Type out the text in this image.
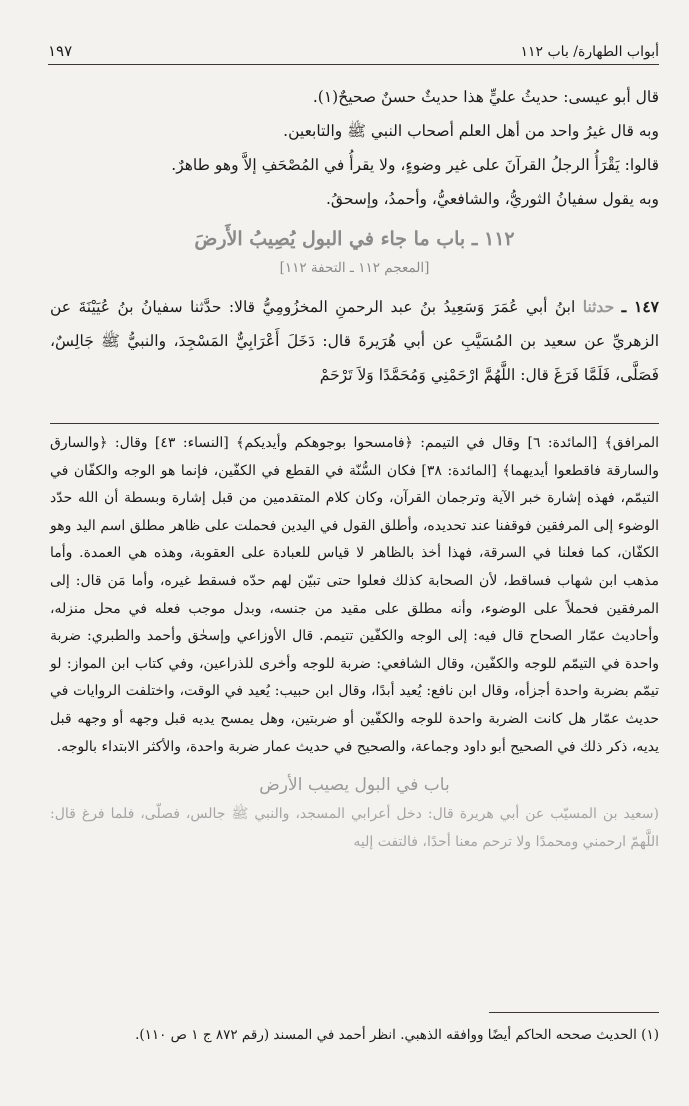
أبواب الطهارة/ باب ١١٢
١٩٧

قال أبو عيسى: حديثُ عليٍّ هذا حديثٌ حسنٌ صحيحٌ(١).

وبه قال غيرُ واحد من أهل العلم أصحاب النبي ﷺ والتابعين.

قالوا: يَقْرَأُ الرجلُ القرآنَ على غير وضوءٍ، ولا يقرأُ في المُصْحَفِ إلاَّ وهو طاهرٌ.

وبه يقول سفيانُ الثوريُّ، والشافعيُّ، وأحمدُ، وإسحقُ.

١١٢ ـ باب ما جاء في البول يُصِيبُ الأَرضَ
[المعجم ١١٢ ـ التحفة ١١٢]

١٤٧ ـ حدثنا ابنُ أبي عُمَرَ وَسَعِيدُ بنُ عبد الرحمنِ المخزُومِيُّ قالا: حدَّثنا سفيانُ بنُ عُيَيْنَةَ عن الزهريِّ عن سعيد بن المُسَيَّبِ عن أبي هُرَيرةَ قال: دَخَلَ أَعْرَابِيٌّ المَسْجِدَ، والنبيُّ ﷺ جَالِسٌ، فَصَلَّى، فَلَمَّا فَرَغَ قال: اللَّهُمَّ ارْحَمْنِي وَمُحَمَّدًا وَلاَ تَرْحَمْ

المرافق﴾ [المائدة: ٦] وقال في التيمم: ﴿فامسحوا بوجوهكم وأيديكم﴾ [النساء: ٤٣] وقال: ﴿والسارق والسارقة فاقطعوا أيديهما﴾ [المائدة: ٣٨] فكان السُّنّة في القطع في الكفّين، فإنما هو الوجه والكفّان في التيمّم، فهذه إشارة خبر الآية وترجمان القرآن، وكان كلام المتقدمين من قبل إشارة وبسطة أن الله حدّد الوضوء إلى المرفقين فوقفنا عند تحديده، وأطلق القول في اليدين فحملت على ظاهر مطلق اسم اليد وهو الكفّان، كما فعلنا في السرقة، فهذا أخذ بالظاهر لا قياس للعبادة على العقوبة، وهذه هي العمدة. وأما مذهب ابن شهاب فساقط، لأن الصحابة كذلك فعلوا حتى تبيّن لهم حدّه فسقط غيره، وأما مَن قال: إلى المرفقين فحملاً على الوضوء، وأنه مطلق على مقيد من جنسه، وبدل موجب فعله في محل منزله، وأحاديث عمّار الصحاح قال فيه: إلى الوجه والكفّين تتيمم. قال الأوزاعي وإسحٰق وأحمد والطبري: ضربة واحدة في التيمّم للوجه والكفّين، وقال الشافعي: ضربة للوجه وأخرى للذراعين، وفي كتاب ابن المواز: لو تيمّم بضربة واحدة أجزأه، وقال ابن نافع: يُعيد أبدًا، وقال ابن حبيب: يُعيد في الوقت، واختلفت الروايات في حديث عمّار هل كانت الضربة واحدة للوجه والكفّين أو ضربتين، وهل يمسح يديه قبل وجهه أو وجهه قبل يديه، ذكر ذلك في الصحيح أبو داود وجماعة، والصحيح في حديث عمار ضربة واحدة، والأكثر الابتداء بالوجه.

باب في البول يصيب الأرض

(سعيد بن المسيّب عن أبي هريرة قال: دخل أعرابي المسجد، والنبي ﷺ جالس، فصلّى، فلما فرغ قال: اللَّهمّ ارحمني ومحمدًا ولا ترحم معنا أحدًا، فالتفت إليه

(١) الحديث صححه الحاكم أيضًا ووافقه الذهبي. انظر أحمد في المسند (رقم ٨٧٢ ج ١ ص ١١٠).
